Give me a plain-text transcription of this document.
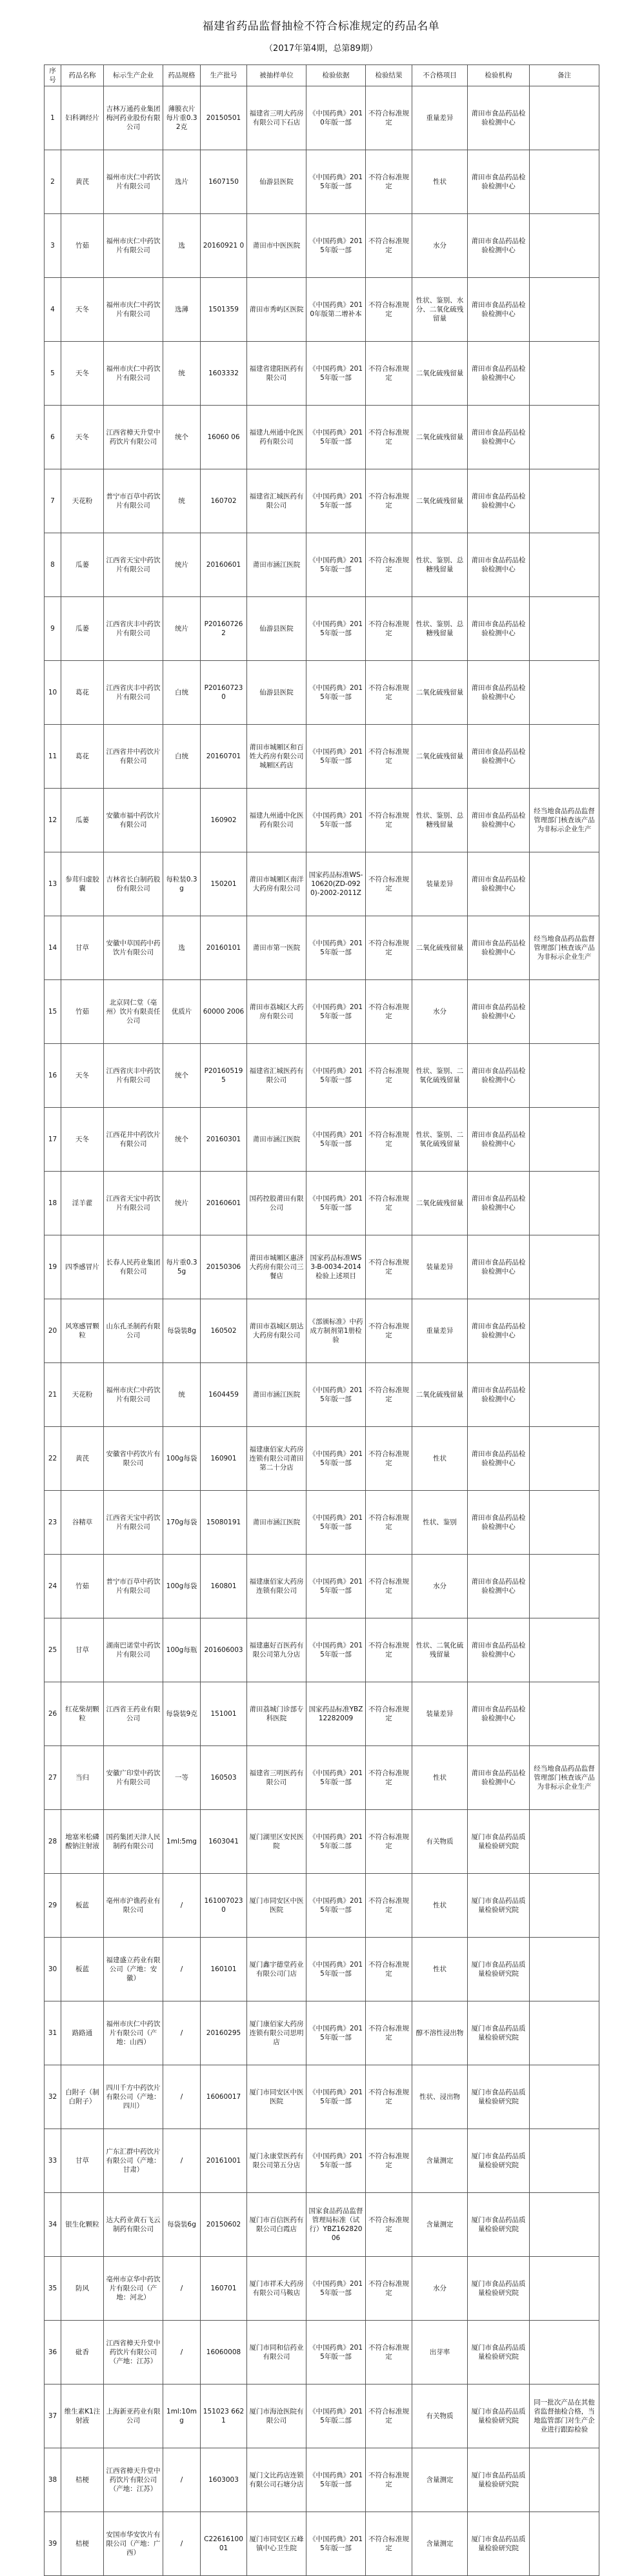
福建省药品监督抽检不符合标准规定的药品名单
（2017年第4期，总第89期）
序号	药品名称	标示生产企业	药品规格	生产批号	被抽样单位	检验依据	检验结果	不合格项目	检验机构	备注
1	妇科调经片	吉林万通药业集团梅河药业股份有限公司	薄膜衣片每片重0.32克	20150501	福建省三明大药房有限公司下石店	《中国药典》2010年版一部	不符合标准规定	重量差异	莆田市食品药品检验检测中心	
2	黄芪	福州市庆仁中药饮片有限公司	选片	1607150	仙游县医院	《中国药典》2015年版一部	不符合标准规定	性状	莆田市食品药品检验检测中心	
3	竹茹	福州市庆仁中药饮片有限公司	选	20160921 0	莆田市中医医院	《中国药典》2015年版一部	不符合标准规定	水分	莆田市食品药品检验检测中心	
4	天冬	福州市庆仁中药饮片有限公司	选薄	1501359	莆田市秀屿区医院	《中国药典》2010年版第二增补本	不符合标准规定	性状、鉴别、水分、二氧化硫残留量	莆田市食品药品检验检测中心	
5	天冬	福州市庆仁中药饮片有限公司	统	1603332	福建省建阳医药有限公司	《中国药典》2015年版一部	不符合标准规定	二氧化硫残留量	莆田市食品药品检验检测中心	
6	天冬	江西省樟天升堂中药饮片有限公司	统个	16060 06	福建九州通中化医药有限公司	《中国药典》2015年版一部	不符合标准规定	二氧化硫残留量	莆田市食品药品检验检测中心	
7	天花粉	普宁市百草中药饮片有限公司	统	160702	福建省汇城医药有限公司	《中国药典》2015年版一部	不符合标准规定	二氧化硫残留量	莆田市食品药品检验检测中心	
8	瓜蒌	江西省天宝中药饮片有限公司	统片	20160601	莆田市涵江医院	《中国药典》2015年版一部	不符合标准规定	性状、鉴别、总糖残留量	莆田市食品药品检验检测中心	
9	瓜蒌	江西省庆丰中药饮片有限公司	统片	P201607262	仙游县医院	《中国药典》2015年版一部	不符合标准规定	性状、鉴别、总糖残留量	莆田市食品药品检验检测中心	
10	葛花	江西省庆丰中药饮片有限公司	白统	P201607230	仙游县医院	《中国药典》2015年版一部	不符合标准规定	二氧化硫残留量	莆田市食品药品检验检测中心	
11	葛花	江西省井中药饮片有限公司	白统	20160701	莆田市城厢区和百姓大药房有限公司城厢区药店	《中国药典》2015年版一部	不符合标准规定	二氧化硫残留量	莆田市食品药品检验检测中心	
12	瓜蒌	安徽市福中药饮片有限公司		160902	福建九州通中化医药有限公司	《中国药典》2015年版一部	不符合标准规定	性状、鉴别、总糖残留量	莆田市食品药品检验检测中心	经当地食品药品监督管理部门核查该产品为非标示企业生产
13	参茸归虚胶囊	吉林省长白制药股份有限公司	每粒装0.3g	150201	莆田市城厢区南洋大药房有限公司	国家药品标准WS-10620(ZD-0920)-2002-2011Z	不符合标准规定	装量差异	莆田市食品药品检验检测中心	
14	甘草	安徽中草国药中药饮片有限公司	选	20160101	莆田市第一医院	《中国药典》2015年版一部	不符合标准规定	二氧化硫残留量	莆田市食品药品检验检测中心	经当地食品药品监督管理部门核查该产品为非标示企业生产
15	竹茹	北京同仁堂（亳州）饮片有限责任公司	优质片	60000 2006	莆田市荔城区大药房有限公司	《中国药典》2015年版一部	不符合标准规定	水分	莆田市食品药品检验检测中心	
16	天冬	江西省庆丰中药饮片有限公司	统个	P201605195	福建省汇城医药有限公司	《中国药典》2015年版一部	不符合标准规定	性状、鉴别、二氧化硫残留量	莆田市食品药品检验检测中心	
17	天冬	江西花井中药饮片有限公司	统个	20160301	莆田市涵江医院	《中国药典》2015年版一部	不符合标准规定	性状、鉴别、二氧化硫残留量	莆田市食品药品检验检测中心	
18	淫羊藿	江西省天宝中药饮片有限公司	统片	20160601	国药控股莆田有限公司	《中国药典》2015年版一部	不符合标准规定	二氧化硫残留量	莆田市食品药品检验检测中心	
19	四季感冒片	长春人民药业集团有限公司	每片重0.35g	20150306	莆田市城厢区惠济大药房有限公司三餐店	国家药品标准WS3-B-0034-2014检验上述项目	不符合标准规定	装量差异	莆田市食品药品检验检测中心	
20	风寒感冒颗粒	山东孔圣制药有限公司	每袋装8g	160502	莆田市荔城区朋达大药房有限公司	《部颁标准》中药成方制剂第1册检验	不符合标准规定	重量差异	莆田市食品药品检验检测中心	
21	天花粉	福州市庆仁中药饮片有限公司	统	1604459	莆田市涵江医院	《中国药典》2015年版一部	不符合标准规定	二氧化硫残留量	莆田市食品药品检验检测中心	
22	黄芪	安徽省中药饮片有限公司	100g每袋	160901	福建康佰家大药房连锁有限公司莆田第二十分店	《中国药典》2015年版一部	不符合标准规定	性状	莆田市食品药品检验检测中心	
23	谷精草	江西省天宝中药饮片有限公司	170g每袋	15080191	莆田市涵江医院	《中国药典》2015年版一部	不符合标准规定	性状、鉴别	莆田市食品药品检验检测中心	
24	竹茹	普宁市百草中药饮片有限公司	100g每袋	160801	福建康佰家大药房连锁有限公司	《中国药典》2015年版一部	不符合标准规定	水分	莆田市食品药品检验检测中心	
25	甘草	湖南巴诺堂中药饮片有限公司	100g每瓶	201606003	福建惠好百医药有限公司第九分店	《中国药典》2015年版一部	不符合标准规定	性状、二氧化硫残留量	莆田市食品药品检验检测中心	
26	红花柴胡颗粒	江西省王药业有限公司	每袋装9克	151001	莆田荔城门诊部专科医院	国家药品标准YBZ12282009	不符合标准规定	装量差异	莆田市食品药品检验检测中心	
27	当归	安徽广印堂中药饮片有限公司	一等	160503	福建省三明医药有限公司	《中国药典》2015年版一部	不符合标准规定	性状	莆田市食品药品检验检测中心	经当地食品药品监督管理部门核查该产品为非标示企业生产
28	地塞米松磷酸钠注射液	国药集团天津人民制药有限公司	1ml:5mg	1603041	厦门湖里区安民医院	《中国药典》2015年版二部	不符合标准规定	有关物质	厦门市食品药品质量检验研究院	
29	板蓝	亳州市沪谯药业有限公司	/	161007023 0	厦门市同安区中医医院	《中国药典》2015年版一部	不符合标准规定	性状	厦门市食品药品质量检验研究院	
30	板蓝	福建盛立药业有限公司（产地：安徽）	/	160101	厦门鑫宇德堂药业有限公司门店	《中国药典》2015年版一部	不符合标准规定	性状	厦门市食品药品质量检验研究院	
31	路路通	福州市庆仁中药饮片有限公司（产地：山西）	/	20160295	厦门康佰家大药房连锁有限公司思明店	《中国药典》2015年版一部	不符合标准规定	醇不溶性浸出物	厦门市食品药品质量检验研究院	
32	白附子（制白附子）	四川千方中药饮片有限公司（产地：四川）	/	16060017	厦门市同安区中医医院	《中国药典》2015年版一部	不符合标准规定	性状、浸出物	厦门市食品药品质量检验研究院	
33	甘草	广东汇群中药饮片有限公司（产地：甘肃）	/	20161001	厦门永康堂医药有限公司第五分店	《中国药典》2015年版一部	不符合标准规定	含量测定	厦门市食品药品质量检验研究院	
34	银生化颗粒	达大药业黄石飞云制药有限公司	每袋装6g	20150602	厦门市百信医药有限公司白霞店	国家食品药品监督管理局标准（试行）YBZ16282006	不符合标准规定	含量测定	厦门市食品药品质量检验研究院	
35	防风	亳州市京华中药饮片有限公司（产地：河北）	/	160701	厦门市祥禾大药房有限公司马鞍店	《中国药典》2015年版一部	不符合标准规定	水分	厦门市食品药品质量检验研究院	
36	砒香	江西省樟天升堂中药饮片有限公司（产地：江苏）	/	16060008	厦门市同和信药业有限公司	《中国药典》2015年版一部	不符合标准规定	出芽率	厦门市食品药品质量检验研究院	
37	维生素K1注射液	上海新亚药业有限公司	1ml:10mg	151023 6621	厦门市海沧医院有限公司	《中国药典》2015年版二部	不符合标准规定	有关物质	厦门市食品药品质量检验研究院	同一批次产品在其他省监督抽检合格，当地监管部门对生产企业进行跟踪检验
38	桔梗	江西省樟天升堂中药饮片有限公司（产地：江苏）	/	1603003	厦门文比药店连锁有限公司石塘分店	《中国药典》2015年版一部	不符合标准规定	含量测定	厦门市食品药品质量检验研究院	
39	桔梗	安国市华安饮片有限公司（产地：广西）	/	C22616100 01	厦门市同安区五峰镇中心卫生院	《中国药典》2015年版一部	不符合标准规定	含量测定	厦门市食品药品质量检验研究院	
